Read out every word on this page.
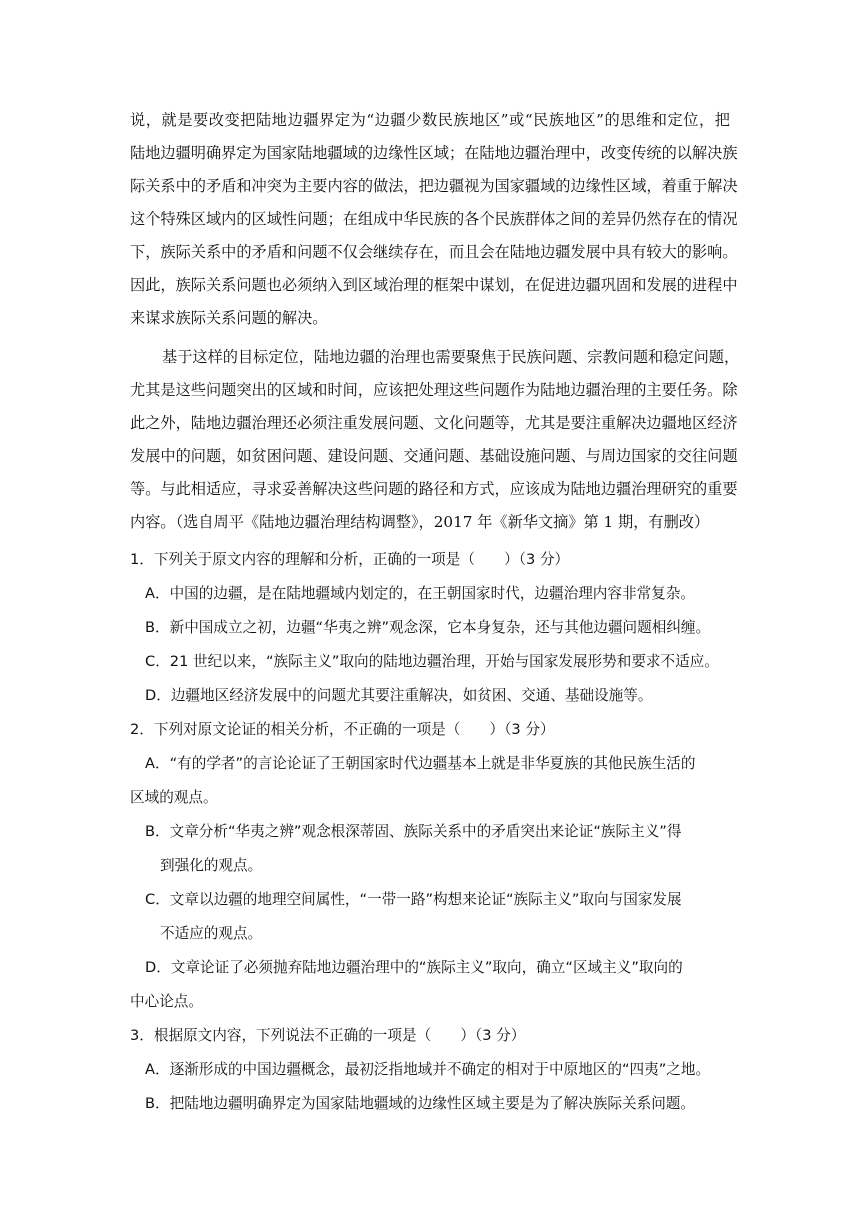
说，就是要改变把陆地边疆界定为“边疆少数民族地区”或“民族地区”的思维和定位，把
陆地边疆明确界定为国家陆地疆域的边缘性区域；在陆地边疆治理中，改变传统的以解决族
际关系中的矛盾和冲突为主要内容的做法，把边疆视为国家疆域的边缘性区域，着重于解决
这个特殊区域内的区域性问题；在组成中华民族的各个民族群体之间的差异仍然存在的情况
下，族际关系中的矛盾和问题不仅会继续存在，而且会在陆地边疆发展中具有较大的影响。
因此，族际关系问题也必须纳入到区域治理的框架中谋划，在促进边疆巩固和发展的进程中
来谋求族际关系问题的解决。
基于这样的目标定位，陆地边疆的治理也需要聚焦于民族问题、宗教问题和稳定问题，
尤其是这些问题突出的区域和时间，应该把处理这些问题作为陆地边疆治理的主要任务。除
此之外，陆地边疆治理还必须注重发展问题、文化问题等，尤其是要注重解决边疆地区经济
发展中的问题，如贫困问题、建设问题、交通问题、基础设施问题、与周边国家的交往问题
等。与此相适应，寻求妥善解决这些问题的路径和方式，应该成为陆地边疆治理研究的重要
内容。（选自周平《陆地边疆治理结构调整》，2017 年《新华文摘》第 1 期，有删改）
1．下列关于原文内容的理解和分析，正确的一项是（　　）（3 分）
A．中国的边疆，是在陆地疆域内划定的，在王朝国家时代，边疆治理内容非常复杂。
B．新中国成立之初，边疆“华夷之辨”观念深，它本身复杂，还与其他边疆问题相纠缠。
C．21 世纪以来，“族际主义”取向的陆地边疆治理，开始与国家发展形势和要求不适应。
D．边疆地区经济发展中的问题尤其要注重解决，如贫困、交通、基础设施等。
2．下列对原文论证的相关分析，不正确的一项是（　　）（3 分）
A．“有的学者”的言论论证了王朝国家时代边疆基本上就是非华夏族的其他民族生活的
区域的观点。
B．文章分析“华夷之辨”观念根深蒂固、族际关系中的矛盾突出来论证“族际主义”得
到强化的观点。
C．文章以边疆的地理空间属性，“一带一路”构想来论证“族际主义”取向与国家发展
不适应的观点。
D．文章论证了必须抛弃陆地边疆治理中的“族际主义”取向，确立“区域主义”取向的
中心论点。
3．根据原文内容，下列说法不正确的一项是（　　）（3 分）
A．逐渐形成的中国边疆概念，最初泛指地域并不确定的相对于中原地区的“四夷”之地。
B．把陆地边疆明确界定为国家陆地疆域的边缘性区域主要是为了解决族际关系问题。
